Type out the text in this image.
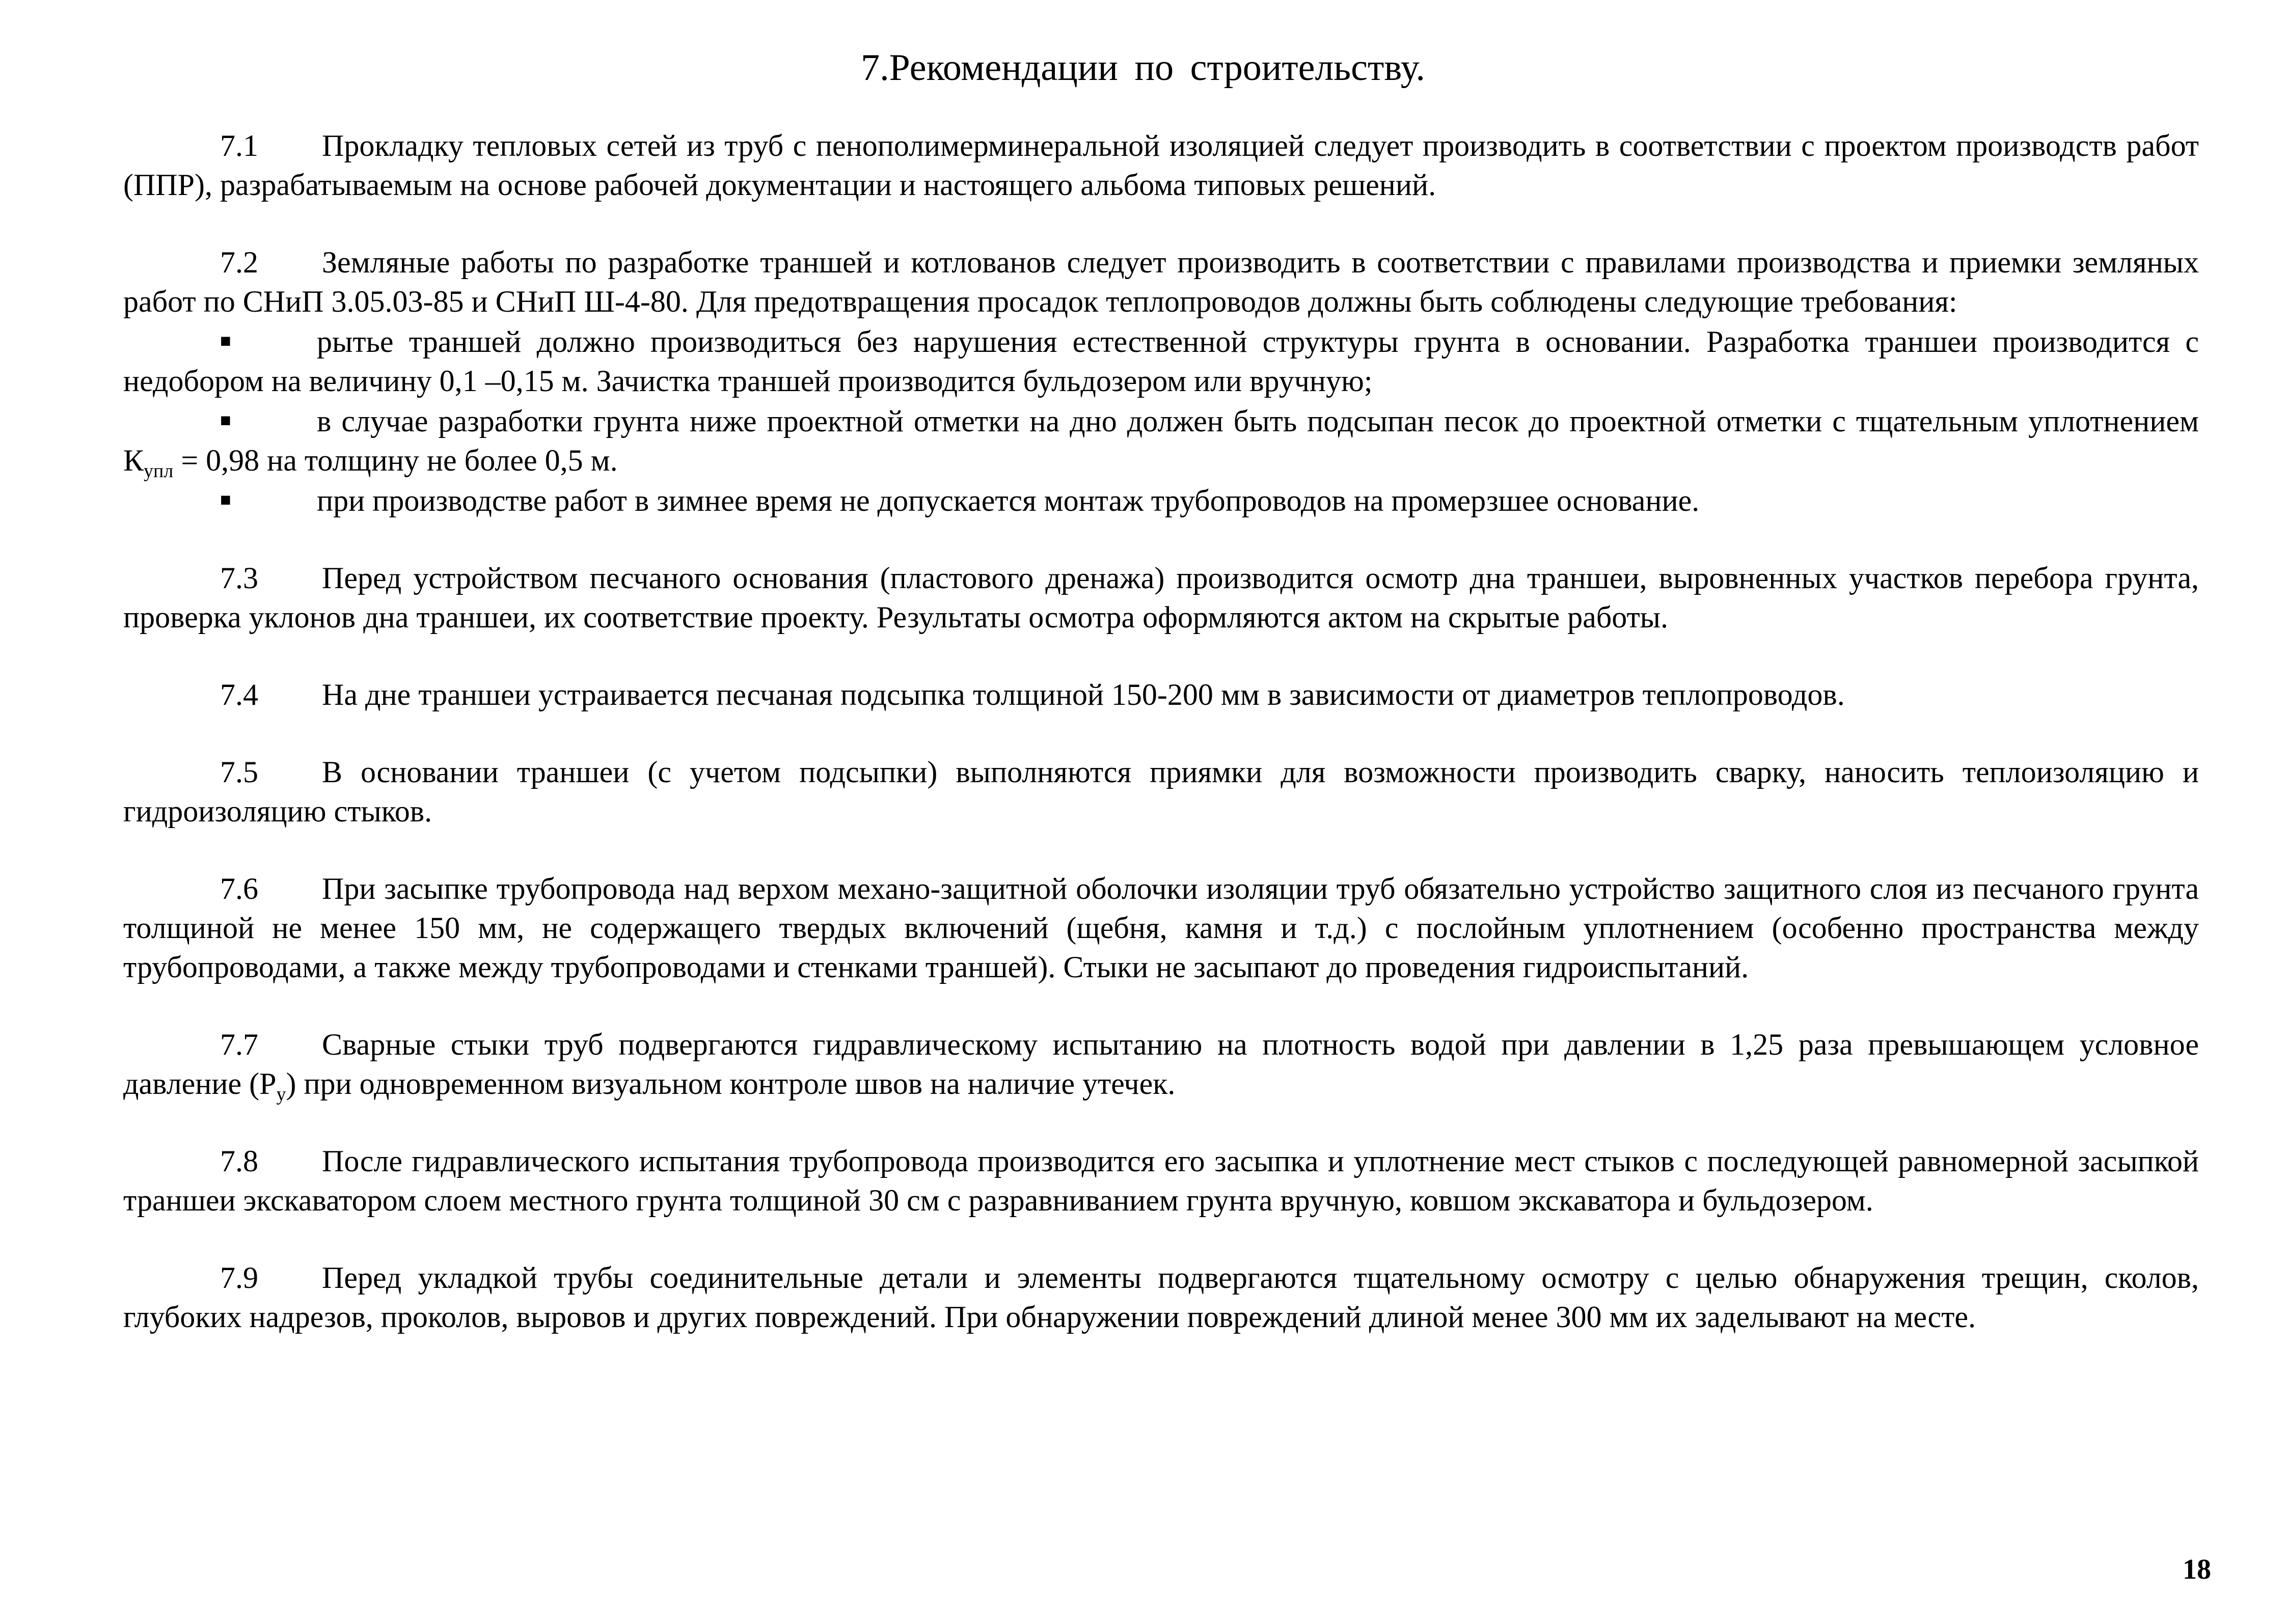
7.Рекомендации по строительству.

7.1 Прокладку тепловых сетей из труб с пенополимерминеральной изоляцией следует производить в соответствии с проектом производств работ (ППР), разрабатываемым на основе рабочей документации и настоящего альбома типовых решений.

7.2 Земляные работы по разработке траншей и котлованов следует производить в соответствии с правилами производства и приемки земляных работ по СНиП 3.05.03-85 и СНиП Ш-4-80. Для предотвращения просадок теплопроводов должны быть соблюдены следующие требования:

■	рытье траншей должно производиться без нарушения естественной структуры грунта в основании. Разработка траншеи производится с недобором на величину 0,1 –0,15 м. Зачистка траншей производится бульдозером или вручную;

■	в случае разработки грунта ниже проектной отметки на дно должен быть подсыпан песок до проектной отметки с тщательным уплотнением $К_{упл} = 0,98$ на толщину не более 0,5 м.

■	при производстве работ в зимнее время не допускается монтаж трубопроводов на промерзшее основание.

7.3 Перед устройством песчаного основания (пластового дренажа) производится осмотр дна траншеи, выровненных участков перебора грунта, проверка уклонов дна траншеи, их соответствие проекту. Результаты осмотра оформляются актом на скрытые работы.

7.4 На дне траншеи устраивается песчаная подсыпка толщиной 150-200 мм в зависимости от диаметров теплопроводов.

7.5 В основании траншеи (с учетом подсыпки) выполняются приямки для возможности производить сварку, наносить теплоизоляцию и гидроизоляцию стыков.

7.6 При засыпке трубопровода над верхом механо-защитной оболочки изоляции труб обязательно устройство защитного слоя из песчаного грунта толщиной не менее 150 мм, не содержащего твердых включений (щебня, камня и т.д.) с послойным уплотнением (особенно пространства между трубопроводами, а также между трубопроводами и стенками траншей). Стыки не засыпают до проведения гидроиспытаний.

7.7 Сварные стыки труб подвергаются гидравлическому испытанию на плотность водой при давлении в 1,25 раза превышающем условное давление $(Р_у)$ при одновременном визуальном контроле швов на наличие утечек.

7.8 После гидравлического испытания трубопровода производится его засыпка и уплотнение мест стыков с последующей равномерной засыпкой траншеи экскаватором слоем местного грунта толщиной 30 см с разравниванием грунта вручную, ковшом экскаватора и бульдозером.

7.9 Перед укладкой трубы соединительные детали и элементы подвергаются тщательному осмотру с целью обнаружения трещин, сколов, глубоких надрезов, проколов, выровов и других повреждений. При обнаружении повреждений длиной менее 300 мм их заделывают на месте.

18
